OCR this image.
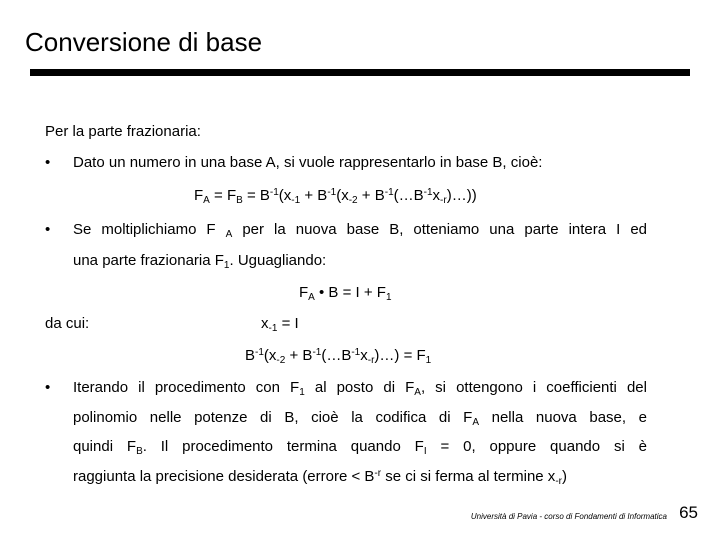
Conversione di base
Per la parte frazionaria:
• Dato un numero in una base A, si vuole rappresentarlo in base B, cioè:
$F_A = F_B = B^{-1}(x_{-1} + B^{-1}(x_{-2}$ + $B^{-1}(\dots B^{-1}x_{-r})\dots$))
• Se moltiplichiamo F $_A$ per la nuova base B, otteniamo una parte intera I ed
una parte frazionaria $F_1$. Uguagliando:
$F_A$ • $B = I + F_1$
da cui:	$x_{-1} = I$
$B^{-1}(x_{-2}$ + $B^{-1}(\dots B^{-1}x_{-r})\dots) = F_1$
• Iterando il procedimento con $F_1$ al posto di $F_A$, si ottengono i coefficienti del
polinomio nelle potenze di B, cioè la codifica di $F_A$ nella nuova base, e
quindi $F_B$. Il procedimento termina quando $F_I = 0$, oppure quando si è
raggiunta la precisione desiderata (errore < $B^{-r}$ se ci si ferma al termine $x_{-r}$)
Università di Pavia - corso di Fondamenti di Informatica 65
